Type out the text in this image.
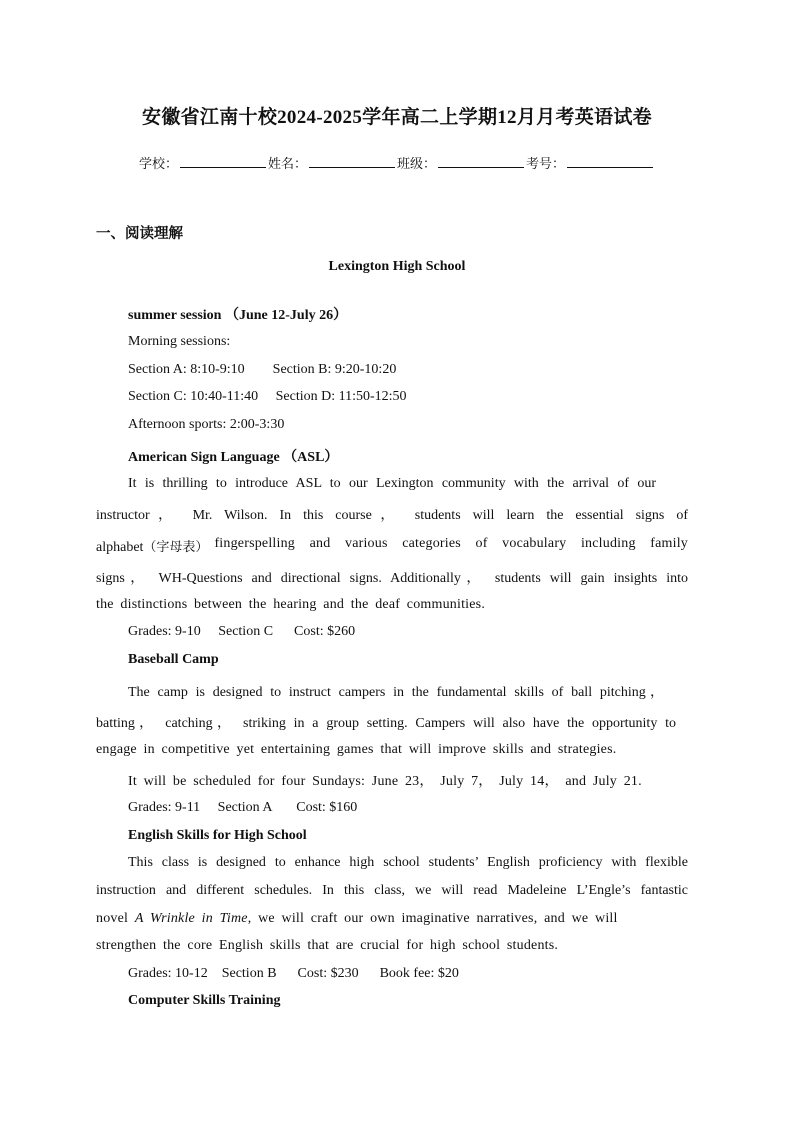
安徽省江南十校2024-2025学年高二上学期12月月考英语试卷
学校：	姓名：	班级：	考号：
一、阅读理解
Lexington High School
summer session （June 12-July 26）
Morning sessions:
Section A: 8:10-9:10        Section B: 9:20-10:20
Section C: 10:40-11:40     Section D: 11:50-12:50
Afternoon sports: 2:00-3:30
American Sign Language （ASL）
It is thrilling to introduce ASL to our Lexington community with the arrival of our
instructor， Mr. Wilson. In this course， students will learn the essential signs of
alphabet（字母表） fingerspelling and various categories of vocabulary including family
signs， WH-Questions and directional signs. Additionally， students will gain insights into
the distinctions between the hearing and the deaf communities.
Grades: 9-10     Section C      Cost: $260
Baseball Camp
The camp is designed to instruct campers in the fundamental skills of ball pitching，
batting， catching， striking in a group setting. Campers will also have the opportunity to
engage in competitive yet entertaining games that will improve skills and strategies.
It will be scheduled for four Sundays: June 23， July 7， July 14， and July 21.
Grades: 9-11     Section A       Cost: $160
English Skills for High School
This class is designed to enhance high school students’ English proficiency with flexible
instruction and different schedules. In this class, we will read Madeleine L’Engle’s fantastic
novel A Wrinkle in Time, we will craft our own imaginative narratives, and we will
strengthen the core English skills that are crucial for high school students.
Grades: 10-12    Section B      Cost: $230      Book fee: $20
Computer Skills Training
